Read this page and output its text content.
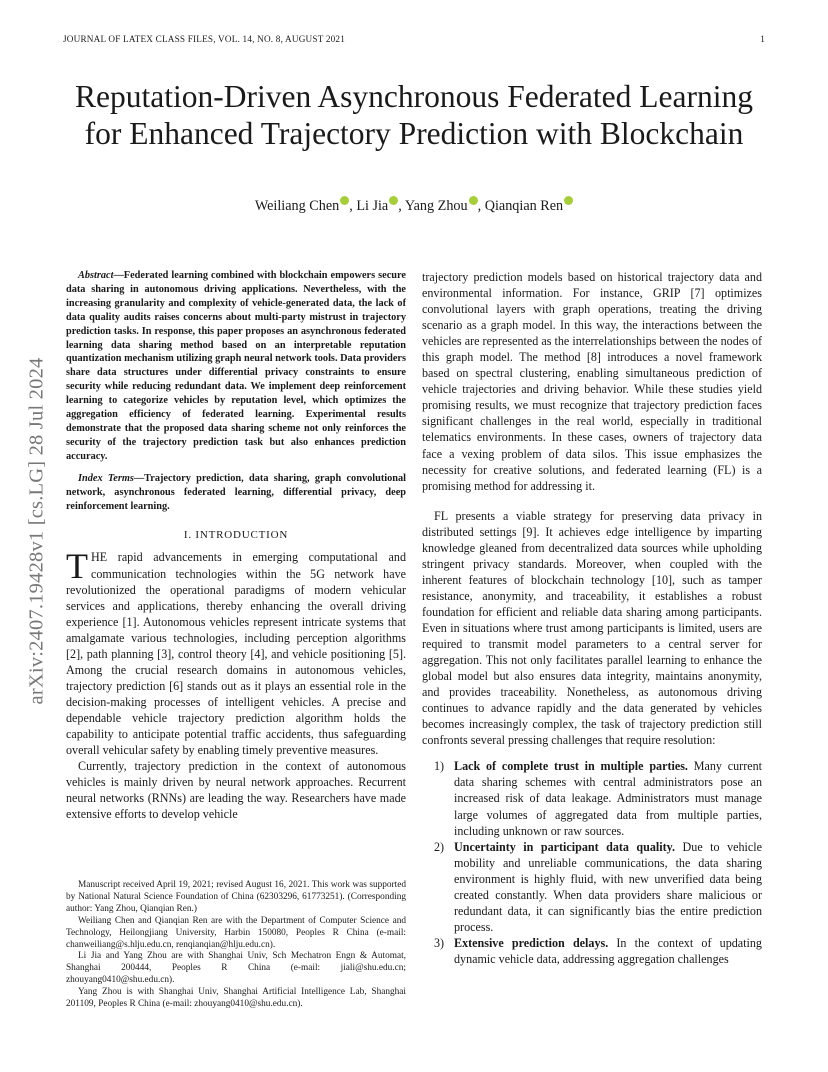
JOURNAL OF LATEX CLASS FILES, VOL. 14, NO. 8, AUGUST 2021	1
Reputation-Driven Asynchronous Federated Learning for Enhanced Trajectory Prediction with Blockchain
Weiliang Chen , Li Jia , Yang Zhou , Qianqian Ren
arXiv:2407.19428v1 [cs.LG] 28 Jul 2024

Abstract—Federated learning combined with blockchain empowers secure data sharing in autonomous driving applications. Nevertheless, with the increasing granularity and complexity of vehicle-generated data, the lack of data quality audits raises concerns about multi-party mistrust in trajectory prediction tasks. In response, this paper proposes an asynchronous federated learning data sharing method based on an interpretable reputation quantization mechanism utilizing graph neural network tools. Data providers share data structures under differential privacy constraints to ensure security while reducing redundant data. We implement deep reinforcement learning to categorize vehicles by reputation level, which optimizes the aggregation efficiency of federated learning. Experimental results demonstrate that the proposed data sharing scheme not only reinforces the security of the trajectory prediction task but also enhances prediction accuracy.

Index Terms—Trajectory prediction, data sharing, graph convolutional network, asynchronous federated learning, differential privacy, deep reinforcement learning.

I. INTRODUCTION

THE rapid advancements in emerging computational and communication technologies within the 5G network have revolutionized the operational paradigms of modern vehicular services and applications, thereby enhancing the overall driving experience [1]. Autonomous vehicles represent intricate systems that amalgamate various technologies, including perception algorithms [2], path planning [3], control theory [4], and vehicle positioning [5]. Among the crucial research domains in autonomous vehicles, trajectory prediction [6] stands out as it plays an essential role in the decision-making processes of intelligent vehicles. A precise and dependable vehicle trajectory prediction algorithm holds the capability to anticipate potential traffic accidents, thus safeguarding overall vehicular safety by enabling timely preventive measures.

Currently, trajectory prediction in the context of autonomous vehicles is mainly driven by neural network approaches. Recurrent neural networks (RNNs) are leading the way. Researchers have made extensive efforts to develop vehicle

Manuscript received April 19, 2021; revised August 16, 2021. This work was supported by National Natural Science Foundation of China (62303296, 61773251). (Corresponding author: Yang Zhou, Qianqian Ren.)

Weiliang Chen and Qianqian Ren are with the Department of Computer Science and Technology, Heilongjiang University, Harbin 150080, Peoples R China (e-mail: chanweiliang@s.hlju.edu.cn, renqianqian@hlju.edu.cn).

Li Jia and Yang Zhou are with Shanghai Univ, Sch Mechatron Engn & Automat, Shanghai 200444, Peoples R China (e-mail: jiali@shu.edu.cn; zhouyang0410@shu.edu.cn).

Yang Zhou is with Shanghai Univ, Shanghai Artificial Intelligence Lab, Shanghai 201109, Peoples R China (e-mail: zhouyang0410@shu.edu.cn).

trajectory prediction models based on historical trajectory data and environmental information. For instance, GRIP [7] optimizes convolutional layers with graph operations, treating the driving scenario as a graph model. In this way, the interactions between the vehicles are represented as the interrelationships between the nodes of this graph model. The method [8] introduces a novel framework based on spectral clustering, enabling simultaneous prediction of vehicle trajectories and driving behavior. While these studies yield promising results, we must recognize that trajectory prediction faces significant challenges in the real world, especially in traditional telematics environments. In these cases, owners of trajectory data face a vexing problem of data silos. This issue emphasizes the necessity for creative solutions, and federated learning (FL) is a promising method for addressing it.

FL presents a viable strategy for preserving data privacy in distributed settings [9]. It achieves edge intelligence by imparting knowledge gleaned from decentralized data sources while upholding stringent privacy standards. Moreover, when coupled with the inherent features of blockchain technology [10], such as tamper resistance, anonymity, and traceability, it establishes a robust foundation for efficient and reliable data sharing among participants. Even in situations where trust among participants is limited, users are required to transmit model parameters to a central server for aggregation. This not only facilitates parallel learning to enhance the global model but also ensures data integrity, maintains anonymity, and provides traceability. Nonetheless, as autonomous driving continues to advance rapidly and the data generated by vehicles becomes increasingly complex, the task of trajectory prediction still confronts several pressing challenges that require resolution:

1) Lack of complete trust in multiple parties. Many current data sharing schemes with central administrators pose an increased risk of data leakage. Administrators must manage large volumes of aggregated data from multiple parties, including unknown or raw sources.
2) Uncertainty in participant data quality. Due to vehicle mobility and unreliable communications, the data sharing environment is highly fluid, with new unverified data being created constantly. When data providers share malicious or redundant data, it can significantly bias the entire prediction process.
3) Extensive prediction delays. In the context of updating dynamic vehicle data, addressing aggregation challenges
